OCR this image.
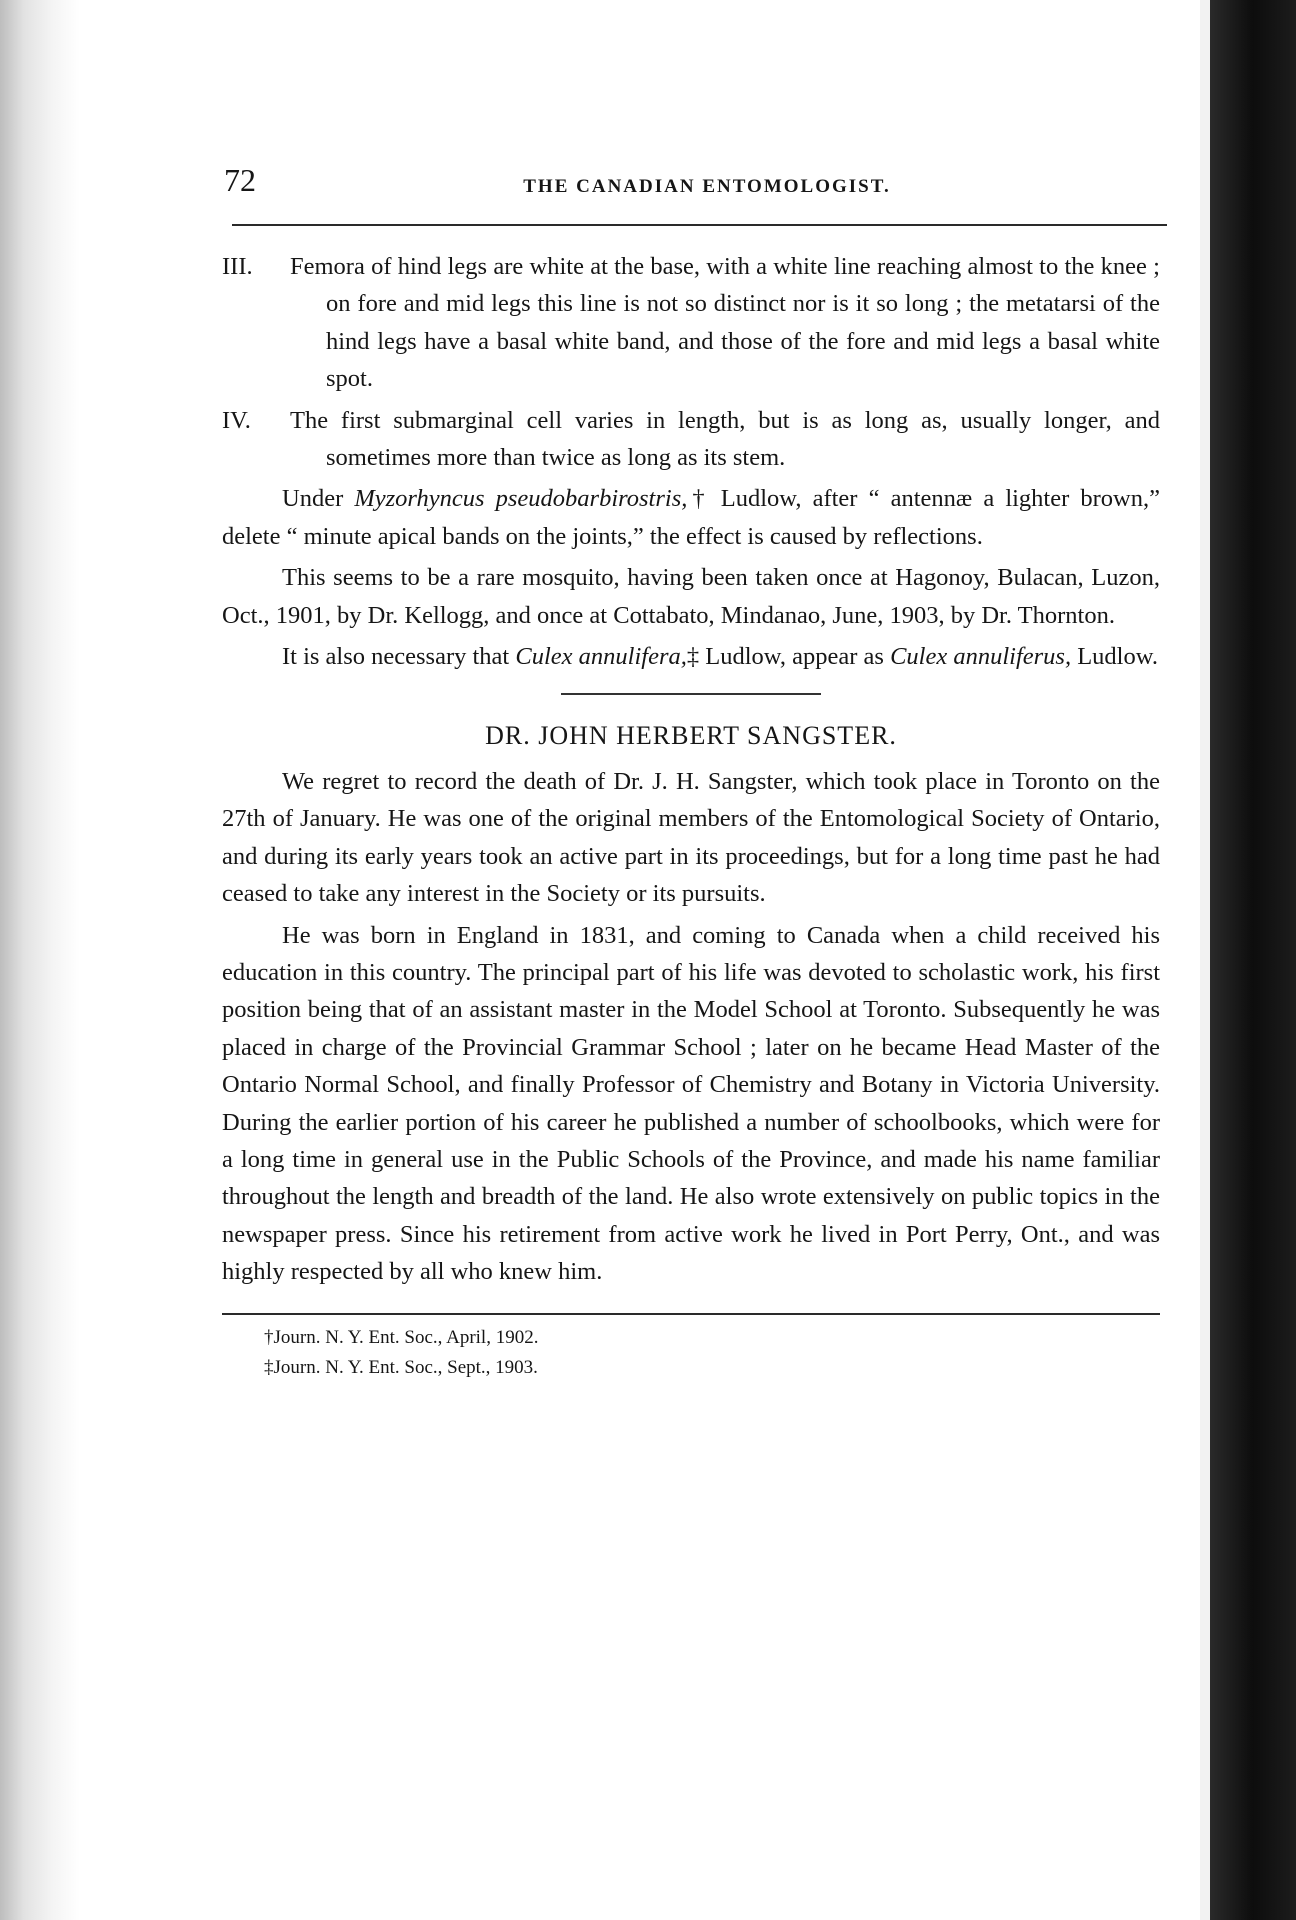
72	THE CANADIAN ENTOMOLOGIST.

III. Femora of hind legs are white at the base, with a white line reaching almost to the knee ; on fore and mid legs this line is not so distinct nor is it so long ; the metatarsi of the hind legs have a basal white band, and those of the fore and mid legs a basal white spot.

IV. The first submarginal cell varies in length, but is as long as, usually longer, and sometimes more than twice as long as its stem.

Under Myzorhyncus pseudobarbirostris,† Ludlow, after “ antennæ a lighter brown,” delete “ minute apical bands on the joints,” the effect is caused by reflections.

This seems to be a rare mosquito, having been taken once at Hagonoy, Bulacan, Luzon, Oct., 1901, by Dr. Kellogg, and once at Cottabato, Mindanao, June, 1903, by Dr. Thornton.

It is also necessary that Culex annulifera,‡ Ludlow, appear as Culex annuliferus, Ludlow.

DR. JOHN HERBERT SANGSTER.

We regret to record the death of Dr. J. H. Sangster, which took place in Toronto on the 27th of January. He was one of the original members of the Entomological Society of Ontario, and during its early years took an active part in its proceedings, but for a long time past he had ceased to take any interest in the Society or its pursuits.

He was born in England in 1831, and coming to Canada when a child received his education in this country. The principal part of his life was devoted to scholastic work, his first position being that of an assistant master in the Model School at Toronto. Subsequently he was placed in charge of the Provincial Grammar School ; later on he became Head Master of the Ontario Normal School, and finally Professor of Chemistry and Botany in Victoria University. During the earlier portion of his career he published a number of schoolbooks, which were for a long time in general use in the Public Schools of the Province, and made his name familiar throughout the length and breadth of the land. He also wrote extensively on public topics in the newspaper press. Since his retirement from active work he lived in Port Perry, Ont., and was highly respected by all who knew him.

†Journ. N. Y. Ent. Soc., April, 1902.

‡Journ. N. Y. Ent. Soc., Sept., 1903.
